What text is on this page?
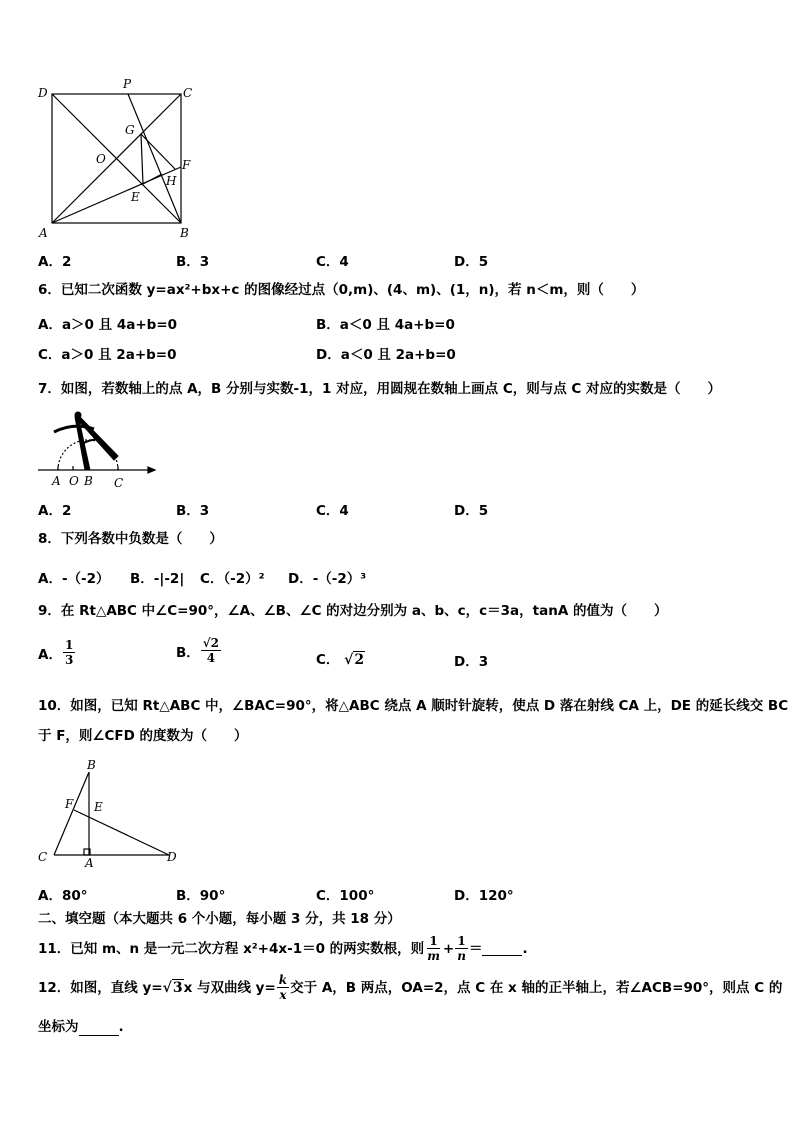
D
P
C
G
O	F
H
E
A	B
A．2	B．3	C．4	D．5
6．已知二次函数 y=ax²+bx+c 的图像经过点（0,m)、(4、m)、(1，n)，若 n＜m，则（　　）
A．a＞0 且 4a+b=0	B．a＜0 且 4a+b=0
C．a＞0 且 2a+b=0	D．a＜0 且 2a+b=0
7．如图，若数轴上的点 A，B 分别与实数-1，1 对应，用圆规在数轴上画点 C，则与点 C 对应的实数是（　　）
A O B C
A．2	B．3	C．4	D．5
8．下列各数中负数是（　　）
A．-（-2） B．-|-2| C．（-2）² D．-（-2）³
9．在 Rt△ABC 中∠C=90°，∠A、∠B、∠C 的对边分别为 a、b、c，c＝3a，tanA 的值为（　　）
A． $\frac{1}{3}$	B． $\frac{√2}{4}$	C． √2	D．3
10．如图，已知 Rt△ABC 中，∠BAC=90°，将△ABC 绕点 A 顺时针旋转，使点 D 落在射线 CA 上，DE 的延长线交 BC
于 F，则∠CFD 的度数为（　　）
B
F E
C	A	D
A．80°	B．90°	C．100°	D．120°
二、填空题（本大题共 6 个小题，每小题 3 分，共 18 分）
11．已知 m、n 是一元二次方程 x²+4x-1＝0 的两实数根，则 $\frac{1}{m} + \frac{1}{n}$ ＝	.
12．如图，直线 y= √3 x 与双曲线 $y= \frac{k}{x}$ 交于 A，B 两点，OA=2，点 C 在 x 轴的正半轴上，若∠ACB=90°，则点 C 的
坐标为	.
